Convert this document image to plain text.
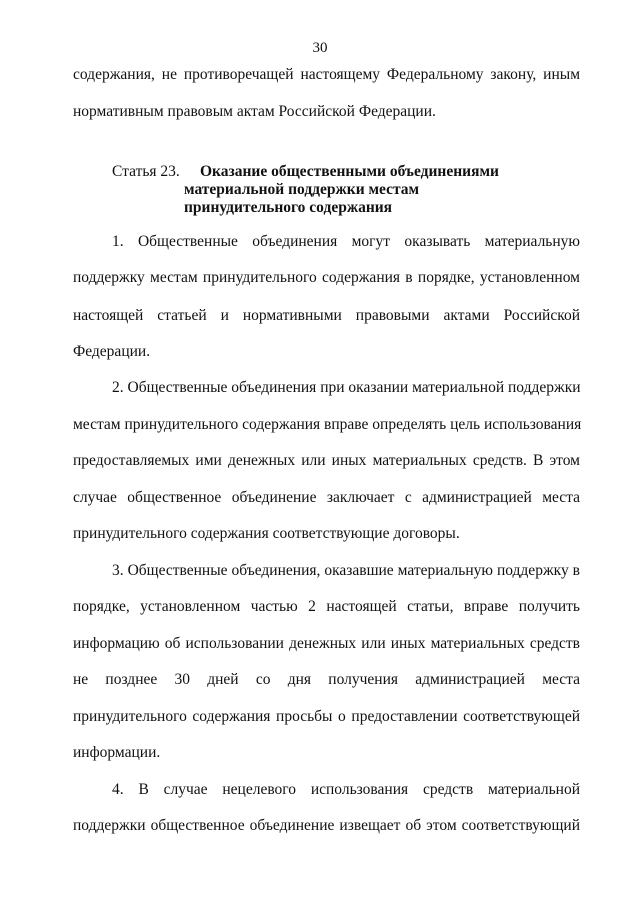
30
содержания, не противоречащей настоящему Федеральному закону, иным
нормативным правовым актам Российской Федерации.
Статья 23. Оказание общественными объединениями
материальной поддержки местам
принудительного содержания
1. Общественные объединения могут оказывать материальную
поддержку местам принудительного содержания в порядке, установленном
настоящей статьей и нормативными правовыми актами Российской
Федерации.
2. Общественные объединения при оказании материальной поддержки
местам принудительного содержания вправе определять цель использования
предоставляемых ими денежных или иных материальных средств. В этом
случае общественное объединение заключает с администрацией места
принудительного содержания соответствующие договоры.
3. Общественные объединения, оказавшие материальную поддержку в
порядке, установленном частью 2 настоящей статьи, вправе получить
информацию об использовании денежных или иных материальных средств
не позднее 30 дней со дня получения администрацией места
принудительного содержания просьбы о предоставлении соответствующей
информации.
4. В случае нецелевого использования средств материальной
поддержки общественное объединение извещает об этом соответствующий
